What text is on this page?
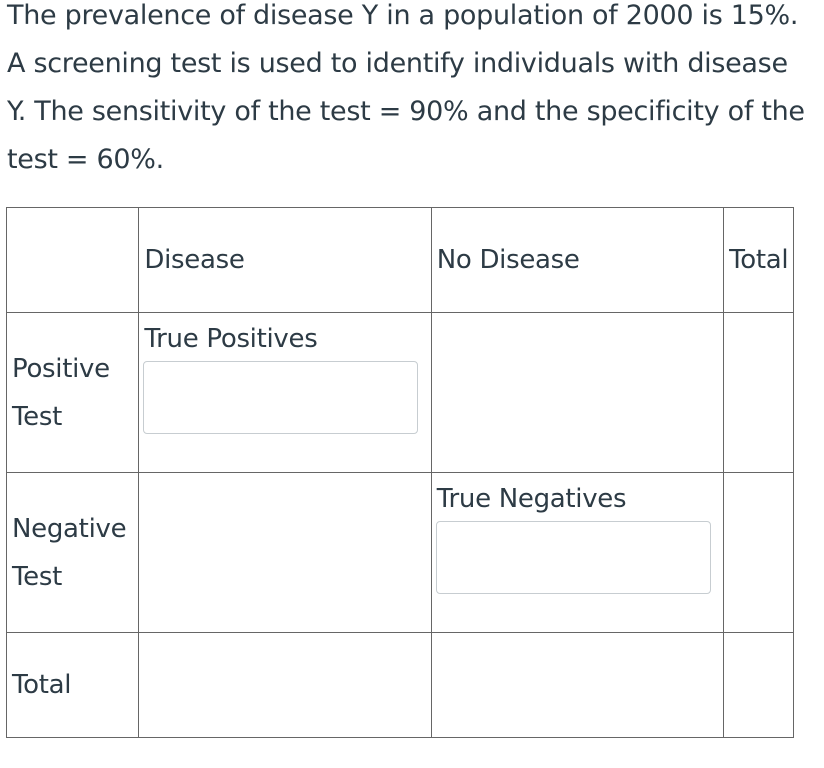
The prevalence of disease Y in a population of 2000 is 15%. A screening test is used to identify individuals with disease Y. The sensitivity of the test = 90% and the specificity of the test = 60%.

	Disease	No Disease	Total

Positive
Test	True Positives		

Negative
Test		True Negatives	

Total			
